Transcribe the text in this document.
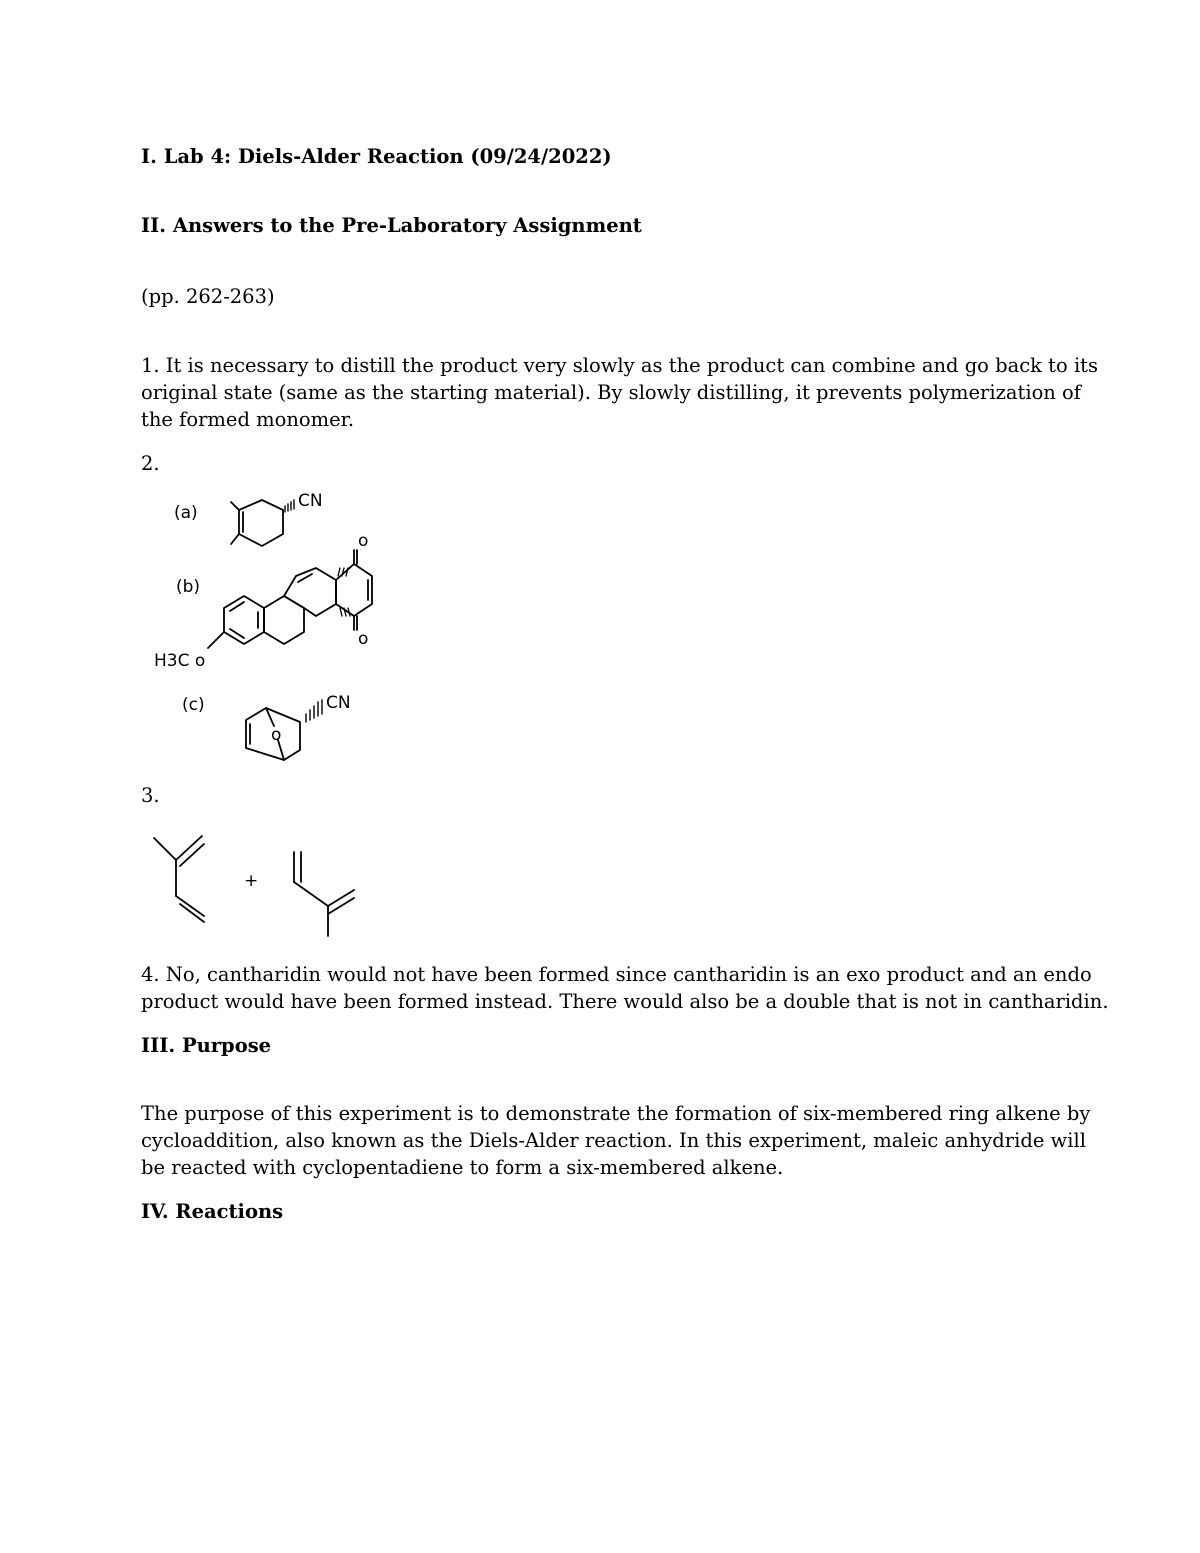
I. Lab 4: Diels-Alder Reaction (09/24/2022)
II. Answers to the Pre-Laboratory Assignment
(pp. 262-263)
1. It is necessary to distill the product very slowly as the product can combine and go back to its
original state (same as the starting material). By slowly distilling, it prevents polymerization of
the formed monomer.
2.
(a)
CN
(b)
o
o
H3C o
(c)	CN
o
3.
+
4. No, cantharidin would not have been formed since cantharidin is an exo product and an endo
product would have been formed instead. There would also be a double that is not in cantharidin.
III. Purpose
The purpose of this experiment is to demonstrate the formation of six-membered ring alkene by
cycloaddition, also known as the Diels-Alder reaction. In this experiment, maleic anhydride will
be reacted with cyclopentadiene to form a six-membered alkene.
IV. Reactions
